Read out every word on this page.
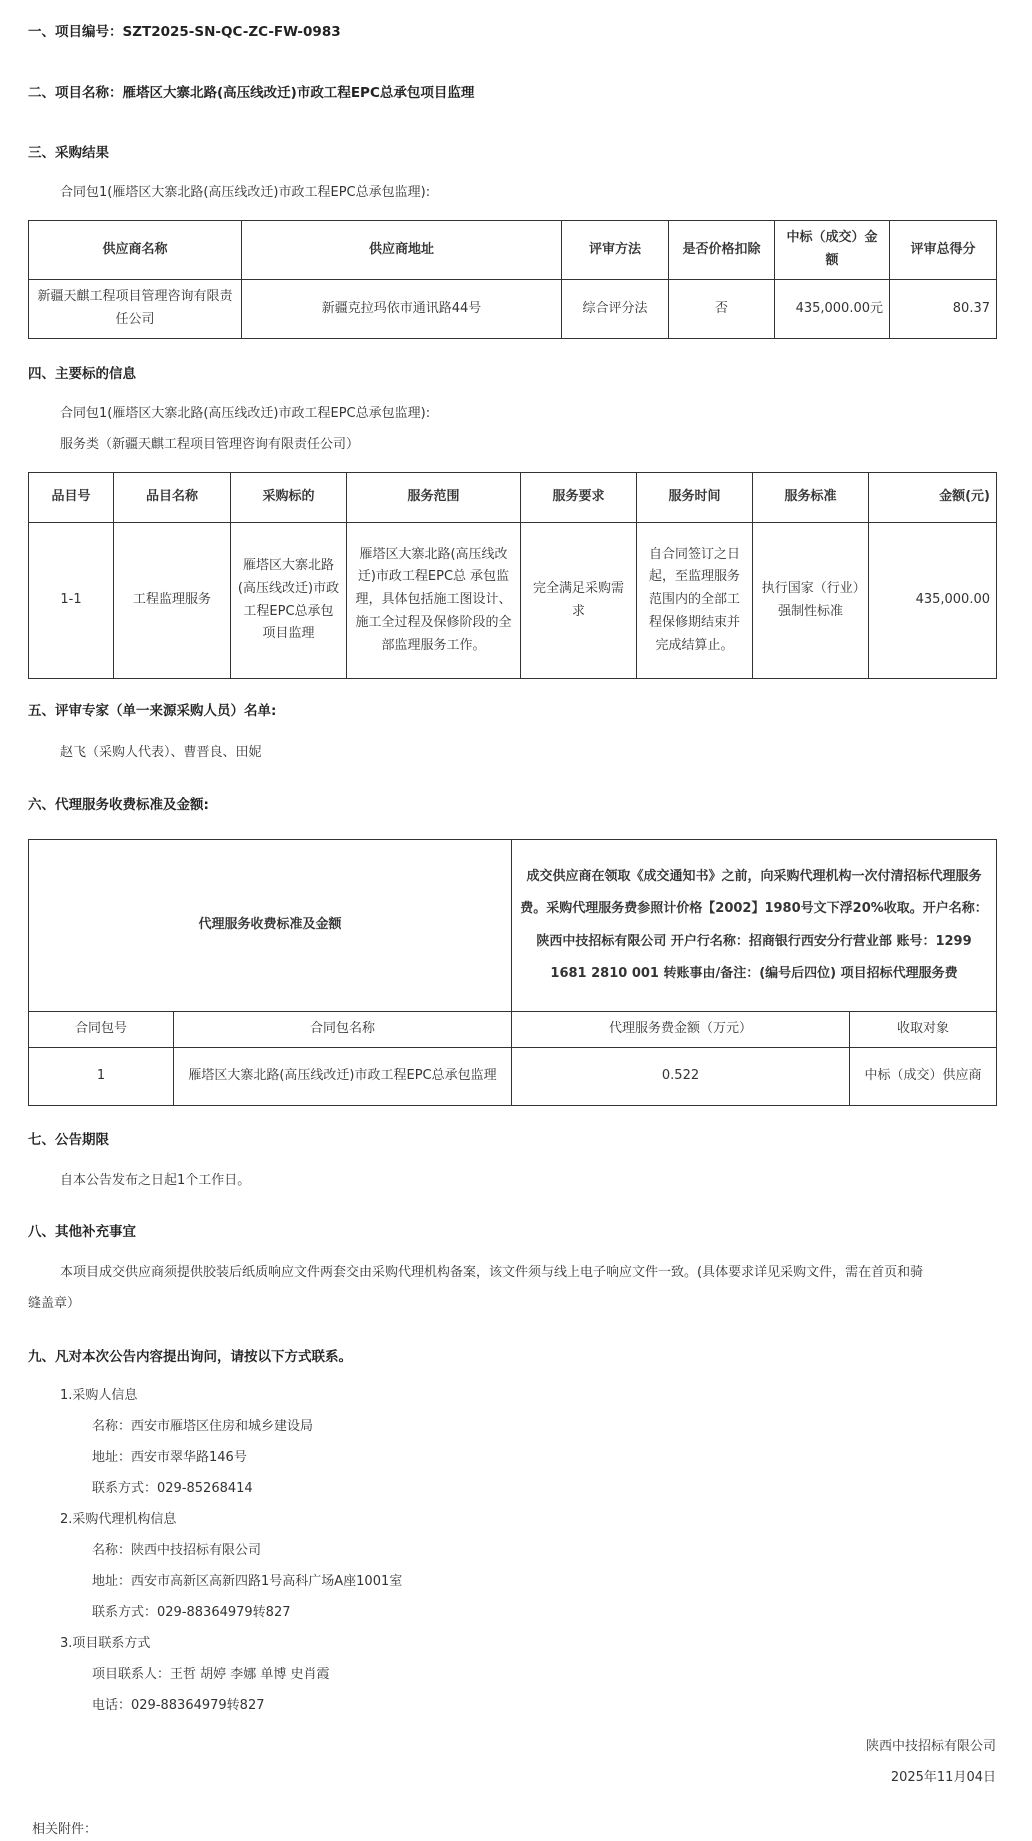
一、项目编号：SZT2025-SN-QC-ZC-FW-0983
二、项目名称：雁塔区大寨北路(高压线改迁)市政工程EPC总承包项目监理
三、采购结果
合同包1(雁塔区大寨北路(高压线改迁)市政工程EPC总承包监理):
供应商名称	供应商地址	评审方法	是否价格扣除	中标（成交）金额	评审总得分
新疆天麒工程项目管理咨询有限责任公司	新疆克拉玛依市通讯路44号	综合评分法	否	435,000.00元	80.37
四、主要标的信息
合同包1(雁塔区大寨北路(高压线改迁)市政工程EPC总承包监理):
服务类（新疆天麒工程项目管理咨询有限责任公司）
品目号	品目名称	采购标的	服务范围	服务要求	服务时间	服务标准	金额(元)
1-1	工程监理服务	雁塔区大寨北路(高压线改迁)市政工程EPC总承包项目监理	雁塔区大寨北路(高压线改迁)市政工程EPC总 承包监理，具体包括施工图设计、施工全过程及保修阶段的全部监理服务工作。	完全满足采购需求	自合同签订之日起，至监理服务范围内的全部工程保修期结束并完成结算止。	执行国家（行业）强制性标准	435,000.00
五、评审专家（单一来源采购人员）名单:
赵飞（采购人代表）、曹晋良、田妮
六、代理服务收费标准及金额:
代理服务收费标准及金额		成交供应商在领取《成交通知书》之前，向采购代理机构一次付清招标代理服务费。采购代理服务费参照计价格【2002】1980号文下浮20%收取。开户名称：陕西中技招标有限公司 开户行名称：招商银行西安分行营业部 账号：1299 1681 2810 001 转账事由/备注：(编号后四位) 项目招标代理服务费	
合同包号	合同包名称	代理服务费金额（万元）	收取对象
1	雁塔区大寨北路(高压线改迁)市政工程EPC总承包监理	0.522	中标（成交）供应商
七、公告期限
自本公告发布之日起1个工作日。
八、其他补充事宜
本项目成交供应商须提供胶装后纸质响应文件两套交由采购代理机构备案，该文件须与线上电子响应文件一致。(具体要求详见采购文件，需在首页和骑
缝盖章）
九、凡对本次公告内容提出询问，请按以下方式联系。
1.采购人信息
名称：西安市雁塔区住房和城乡建设局
地址：西安市翠华路146号
联系方式：029-85268414
2.采购代理机构信息
名称：陕西中技招标有限公司
地址：西安市高新区高新四路1号高科广场A座1001室
联系方式：029-88364979转827
3.项目联系方式
项目联系人：王哲 胡婷 李娜 单博 史肖霞
电话：029-88364979转827
陕西中技招标有限公司
2025年11月04日
相关附件：
